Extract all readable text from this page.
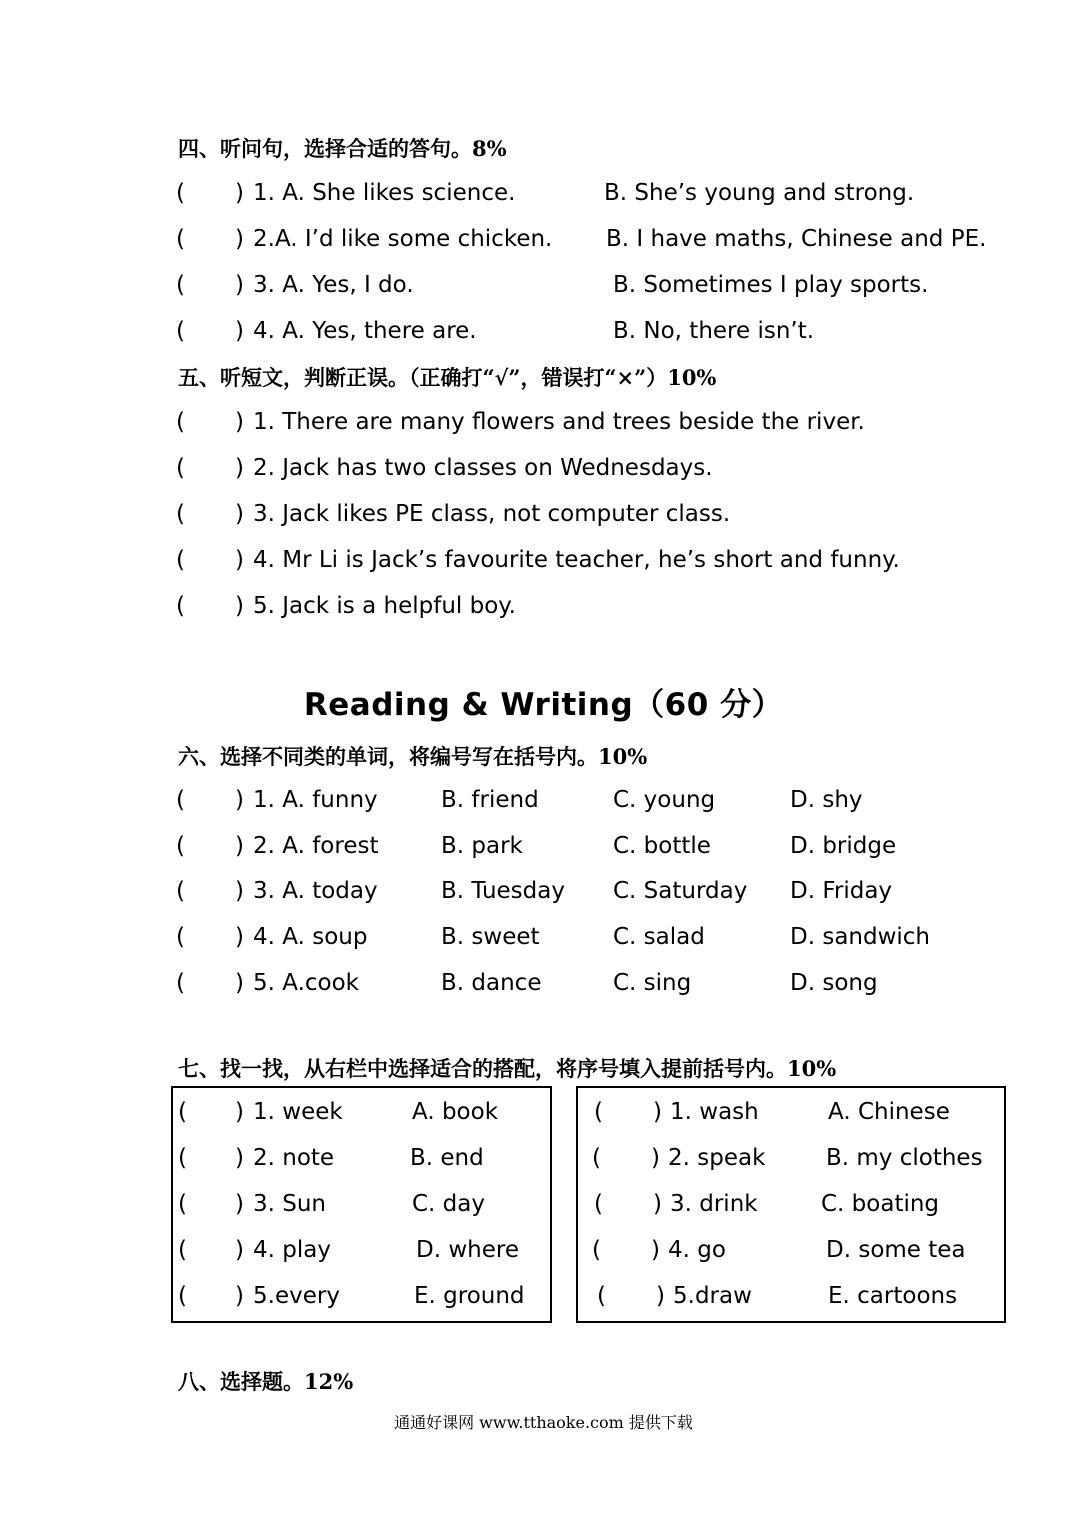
四、听问句，选择合适的答句。8%
( ) 1. A. She likes science.	B. She’s young and strong.
( ) 2.A. I’d like some chicken. B. I have maths, Chinese and PE.
( ) 3. A. Yes, I do.	B. Sometimes I play sports.
( ) 4. A. Yes, there are.	B. No, there isn’t.
五、听短文，判断正误。（正确打“√”，错误打“×”）10%
( ) 1. There are many flowers and trees beside the river.
( ) 2. Jack has two classes on Wednesdays.
( ) 3. Jack likes PE class, not computer class.
( ) 4. Mr Li is Jack’s favourite teacher, he’s short and funny.
( ) 5. Jack is a helpful boy.
Reading & Writing（60 分）
六、选择不同类的单词，将编号写在括号内。10%
( ) 1. A. funny	B. friend	C. young	D. shy
( ) 2. A. forest	B. park	C. bottle	D. bridge
( ) 3. A. today	B. Tuesday C. Saturday D. Friday
( ) 4. A. soup	B. sweet	C. salad	D. sandwich
( ) 5. A.cook	B. dance	C. sing	D. song
七、找一找，从右栏中选择适合的搭配，将序号填入提前括号内。10%
( ) 1. week	A. book
( ) 2. note	B. end
( ) 3. Sun	C. day
( ) 4. play	D. where
( ) 5.every	E. ground
( ) 1. wash	A. Chinese
( ) 2. speak	B. my clothes
( ) 3. drink	C. boating
( ) 4. go	D. some tea
( ) 5.draw	E. cartoons
八、选择题。12%
通通好课网 www.tthaoke.com 提供下载
